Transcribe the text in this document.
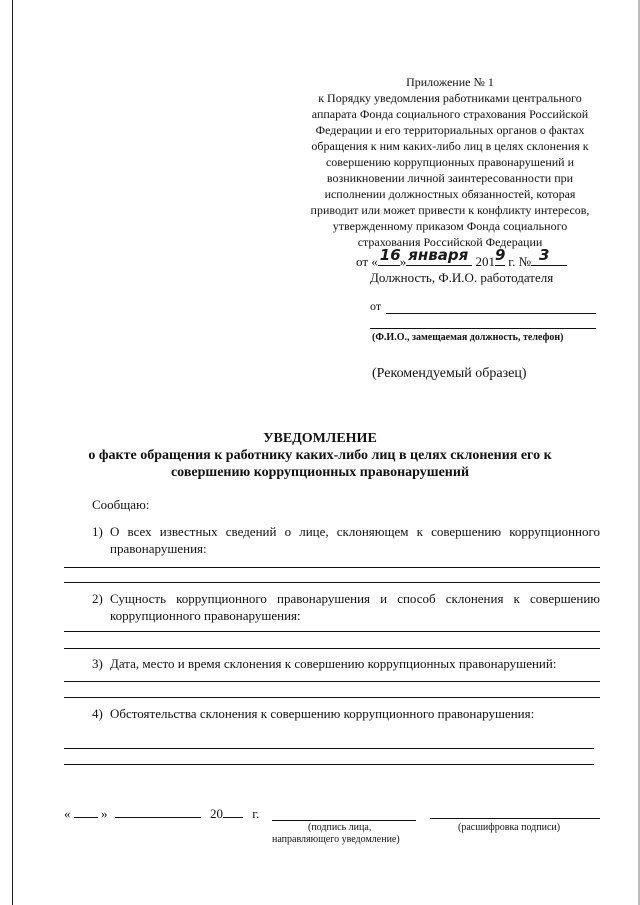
Приложение № 1
к Порядку уведомления работниками центрального аппарата Фонда социального страхования Российской Федерации и его территориальных органов о фактах обращения к ним каких-либо лиц в целях склонения к совершению коррупционных правонарушений и возникновении личной заинтересованности при исполнении должностных обязанностей, которая приводит или может привести к конфликту интересов, утвержденному приказом Фонда социального страхования Российской Федерации
от « 16 » января 201 9 г. № 3
Должность, Ф.И.О. работодателя
от
(Ф.И.О., замещаемая должность, телефон)
(Рекомендуемый образец)
УВЕДОМЛЕНИЕ
о факте обращения к работнику каких-либо лиц в целях склонения его к
совершению коррупционных правонарушений
Сообщаю:
1) О всех известных сведений о лице, склоняющем к совершению коррупционного правонарушения:
2) Сущность коррупционного правонарушения и способ склонения к совершению коррупционного правонарушения:
3) Дата, место и время склонения к совершению коррупционных правонарушений:
4) Обстоятельства склонения к совершению коррупционного правонарушения:
« »	20 г.
(подпись лица,
направляющего уведомление)
(расшифровка подписи)
